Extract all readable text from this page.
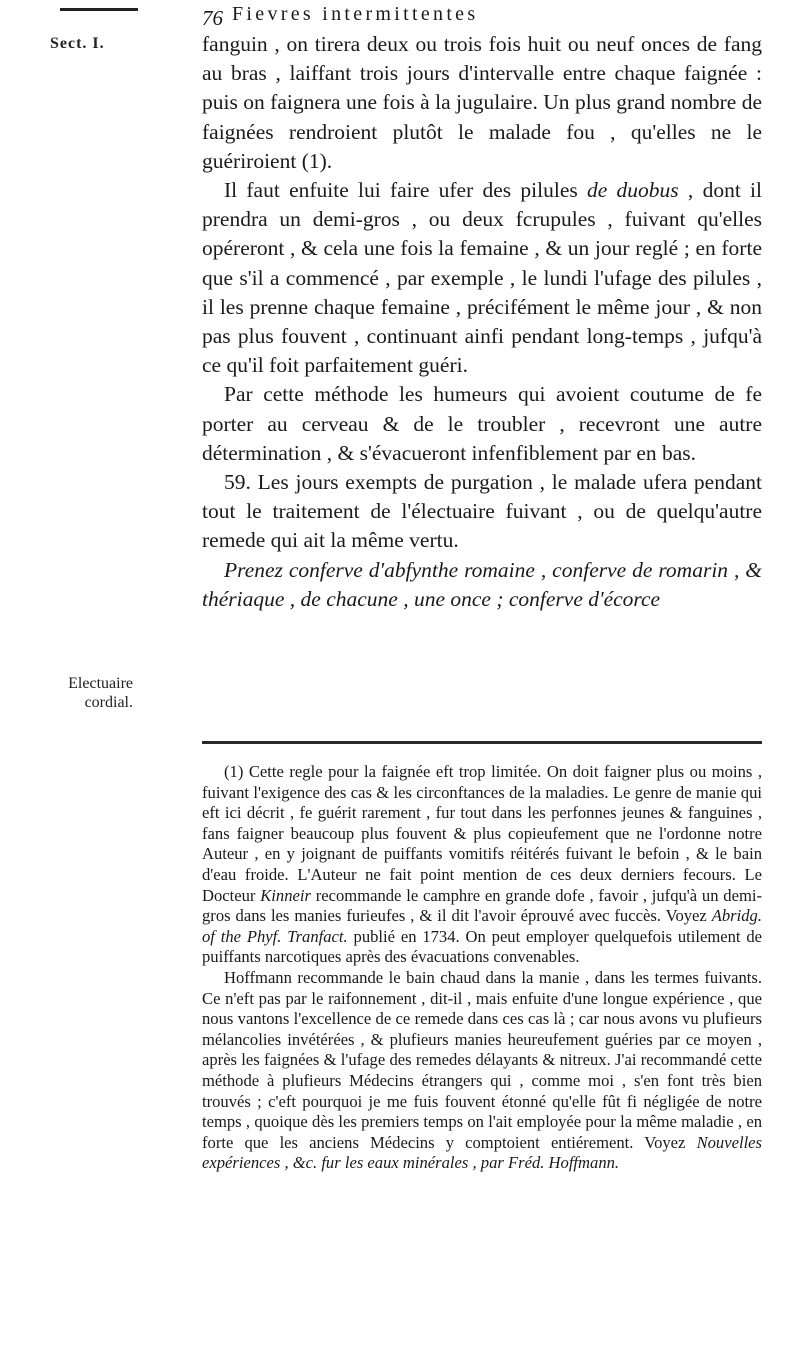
76 Fievres intermittentes
Sect. I.
Electuaire cordial.

fanguin , on tirera deux ou trois fois huit ou neuf onces de fang au bras , laiffant trois jours d'intervalle entre chaque faignée : puis on faignera une fois à la jugulaire. Un plus grand nombre de faignées rendroient plutôt le malade fou , qu'elles ne le guériroient (1).

Il faut enfuite lui faire ufer des pilules de duobus , dont il prendra un demi-gros , ou deux fcrupules , fuivant qu'elles opéreront , & cela une fois la femaine , & un jour reglé ; en forte que s'il a commencé , par exemple , le lundi l'ufage des pilules , il les prenne chaque femaine , précifément le même jour , & non pas plus fouvent , continuant ainfi pendant long-temps , jufqu'à ce qu'il foit parfaitement guéri.

Par cette méthode les humeurs qui avoient coutume de fe porter au cerveau & de le troubler , recevront une autre détermination , & s'évacueront infenfiblement par en bas.

59. Les jours exempts de purgation , le malade ufera pendant tout le traitement de l'électuaire fuivant , ou de quelqu'autre remede qui ait la même vertu.

Prenez conferve d'abfynthe romaine , conferve de romarin , & thériaque , de chacune , une once ; conferve d'écorce

(1) Cette regle pour la faignée eft trop limitée. On doit faigner plus ou moins , fuivant l'exigence des cas & les circonftances de la maladies. Le genre de manie qui eft ici décrit , fe guérit rarement , fur tout dans les perfonnes jeunes & fanguines , fans faigner beaucoup plus fouvent & plus copieufement que ne l'ordonne notre Auteur , en y joignant de puiffants vomitifs réitérés fuivant le befoin , & le bain d'eau froide. L'Auteur ne fait point mention de ces deux derniers fecours. Le Docteur Kinneir recommande le camphre en grande dofe , favoir , jufqu'à un demi-gros dans les manies furieufes , & il dit l'avoir éprouvé avec fuccès. Voyez Abridg. of the Phyf. Tranfact. publié en 1734. On peut employer quelquefois utilement de puiffants narcotiques après des évacuations convenables.

Hoffmann recommande le bain chaud dans la manie , dans les termes fuivants. Ce n'eft pas par le raifonnement , dit-il , mais enfuite d'une longue expérience , que nous vantons l'excellence de ce remede dans ces cas là ; car nous avons vu plufieurs mélancolies invétérées , & plufieurs manies heureufement guéries par ce moyen , après les faignées & l'ufage des remedes délayants & nitreux. J'ai recommandé cette méthode à plufieurs Médecins étrangers qui , comme moi , s'en font très bien trouvés ; c'eft pourquoi je me fuis fouvent étonné qu'elle fût fi négligée de notre temps , quoique dès les premiers temps on l'ait employée pour la même maladie , en forte que les anciens Médecins y comptoient entiérement. Voyez Nouvelles expériences , &c. fur les eaux minérales , par Fréd. Hoffmann.
